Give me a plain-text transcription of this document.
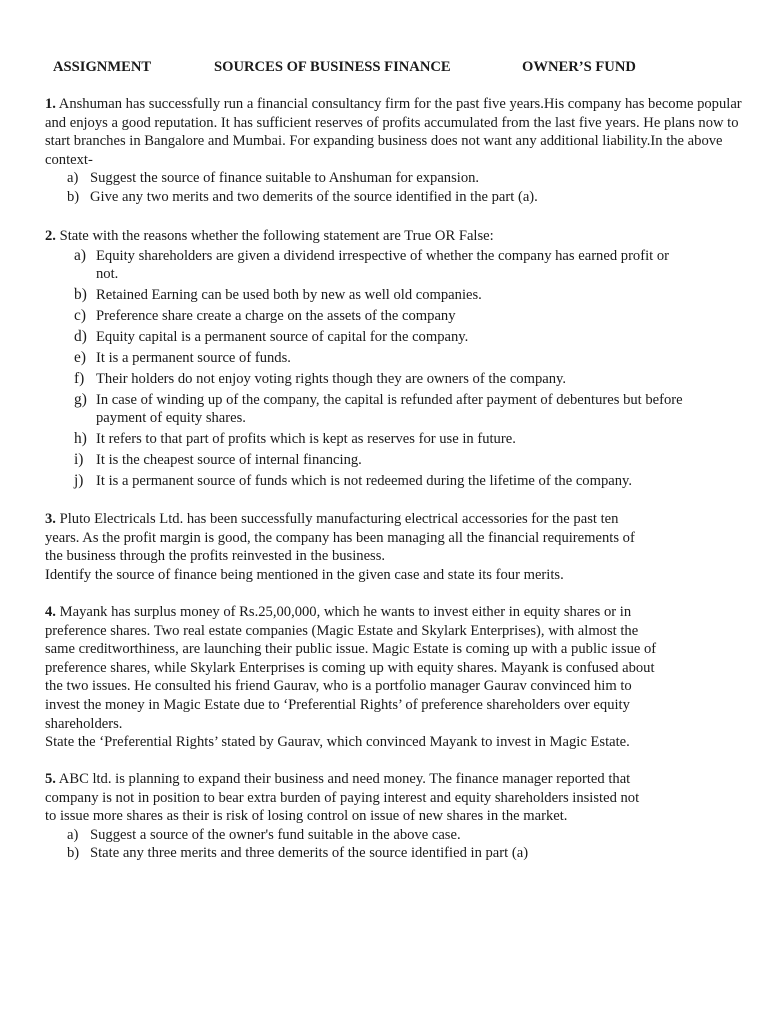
ASSIGNMENT	SOURCES OF BUSINESS FINANCE	OWNER’S FUND

1. Anshuman has successfully run a financial consultancy firm for the past five years.His company has become popular and enjoys a good reputation. It has sufficient reserves of profits accumulated from the last five years. He plans now to start branches in Bangalore and Mumbai. For expanding business does not want any additional liability.In the above context-

a) Suggest the source of finance suitable to Anshuman for expansion.
b) Give any two merits and two demerits of the source identified in the part (a).

2. State with the reasons whether the following statement are True OR False:

a) Equity shareholders are given a dividend irrespective of whether the company has earned profit or not.
b) Retained Earning can be used both by new as well old companies.
c) Preference share create a charge on the assets of the company
d) Equity capital is a permanent source of capital for the company.
e) It is a permanent source of funds.
f) Their holders do not enjoy voting rights though they are owners of the company.
g) In case of winding up of the company, the capital is refunded after payment of debentures but before payment of equity shares.
h) It refers to that part of profits which is kept as reserves for use in future.
i) It is the cheapest source of internal financing.
j) It is a permanent source of funds which is not redeemed during the lifetime of the company.

3. Pluto Electricals Ltd. has been successfully manufacturing electrical accessories for the past ten

years. As the profit margin is good, the company has been managing all the financial requirements of

the business through the profits reinvested in the business.

Identify the source of finance being mentioned in the given case and state its four merits.

4. Mayank has surplus money of Rs.25,00,000, which he wants to invest either in equity shares or in

preference shares. Two real estate companies (Magic Estate and Skylark Enterprises), with almost the

same creditworthiness, are launching their public issue. Magic Estate is coming up with a public issue of

preference shares, while Skylark Enterprises is coming up with equity shares. Mayank is confused about

the two issues. He consulted his friend Gaurav, who is a portfolio manager Gaurav convinced him to

invest the money in Magic Estate due to ‘Preferential Rights’ of preference shareholders over equity

shareholders.

State the ‘Preferential Rights’ stated by Gaurav, which convinced Mayank to invest in Magic Estate.

5. ABC ltd. is planning to expand their business and need money. The finance manager reported that

company is not in position to bear extra burden of paying interest and equity shareholders insisted not

to issue more shares as their is risk of losing control on issue of new shares in the market.

a) Suggest a source of the owner's fund suitable in the above case.
b) State any three merits and three demerits of the source identified in part (a)
